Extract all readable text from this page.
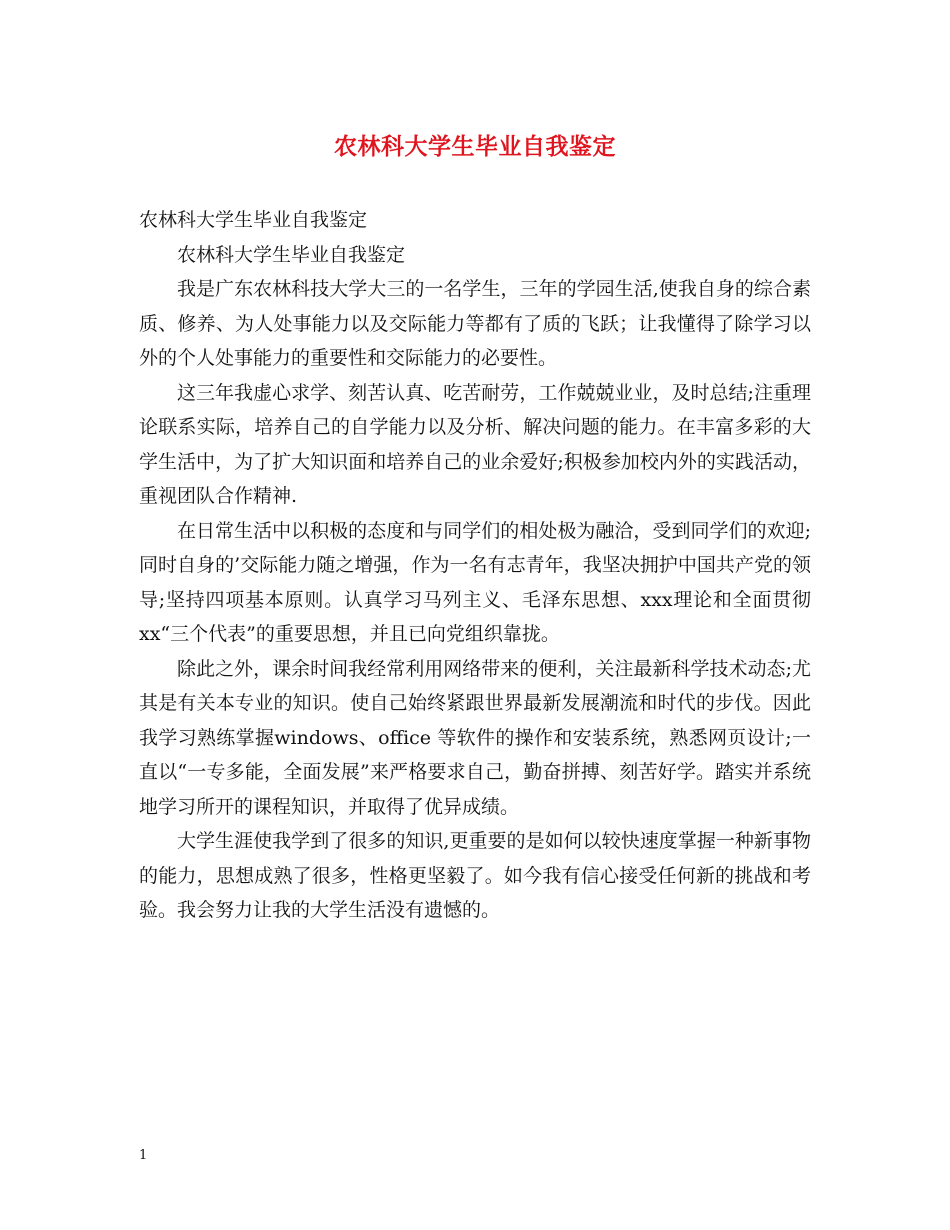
农林科大学生毕业自我鉴定

农林科大学生毕业自我鉴定

农林科大学生毕业自我鉴定

我是广东农林科技大学大三的一名学生，三年的学园生活,使我自身的综合素质、修养、为人处事能力以及交际能力等都有了质的飞跃；让我懂得了除学习以外的个人处事能力的重要性和交际能力的必要性。

这三年我虚心求学、刻苦认真、吃苦耐劳，工作兢兢业业，及时总结;注重理论联系实际，培养自己的自学能力以及分析、解决问题的能力。在丰富多彩的大学生活中，为了扩大知识面和培养自己的业余爱好;积极参加校内外的实践活动，重视团队合作精神.

在日常生活中以积极的态度和与同学们的相处极为融洽，受到同学们的欢迎;同时自身的’交际能力随之增强，作为一名有志青年，我坚决拥护中国共产党的领导;坚持四项基本原则。认真学习马列主义、毛泽东思想、xxx理论和全面贯彻xx“三个代表”的重要思想，并且已向党组织靠拢。

除此之外，课余时间我经常利用网络带来的便利，关注最新科学技术动态;尤其是有关本专业的知识。使自己始终紧跟世界最新发展潮流和时代的步伐。因此我学习熟练掌握windows、office 等软件的操作和安装系统，熟悉网页设计;一直以“一专多能，全面发展”来严格要求自己，勤奋拼搏、刻苦好学。踏实并系统地学习所开的课程知识，并取得了优异成绩。

大学生涯使我学到了很多的知识,更重要的是如何以较快速度掌握一种新事物的能力，思想成熟了很多，性格更坚毅了。如今我有信心接受任何新的挑战和考验。我会努力让我的大学生活没有遗憾的。

1
